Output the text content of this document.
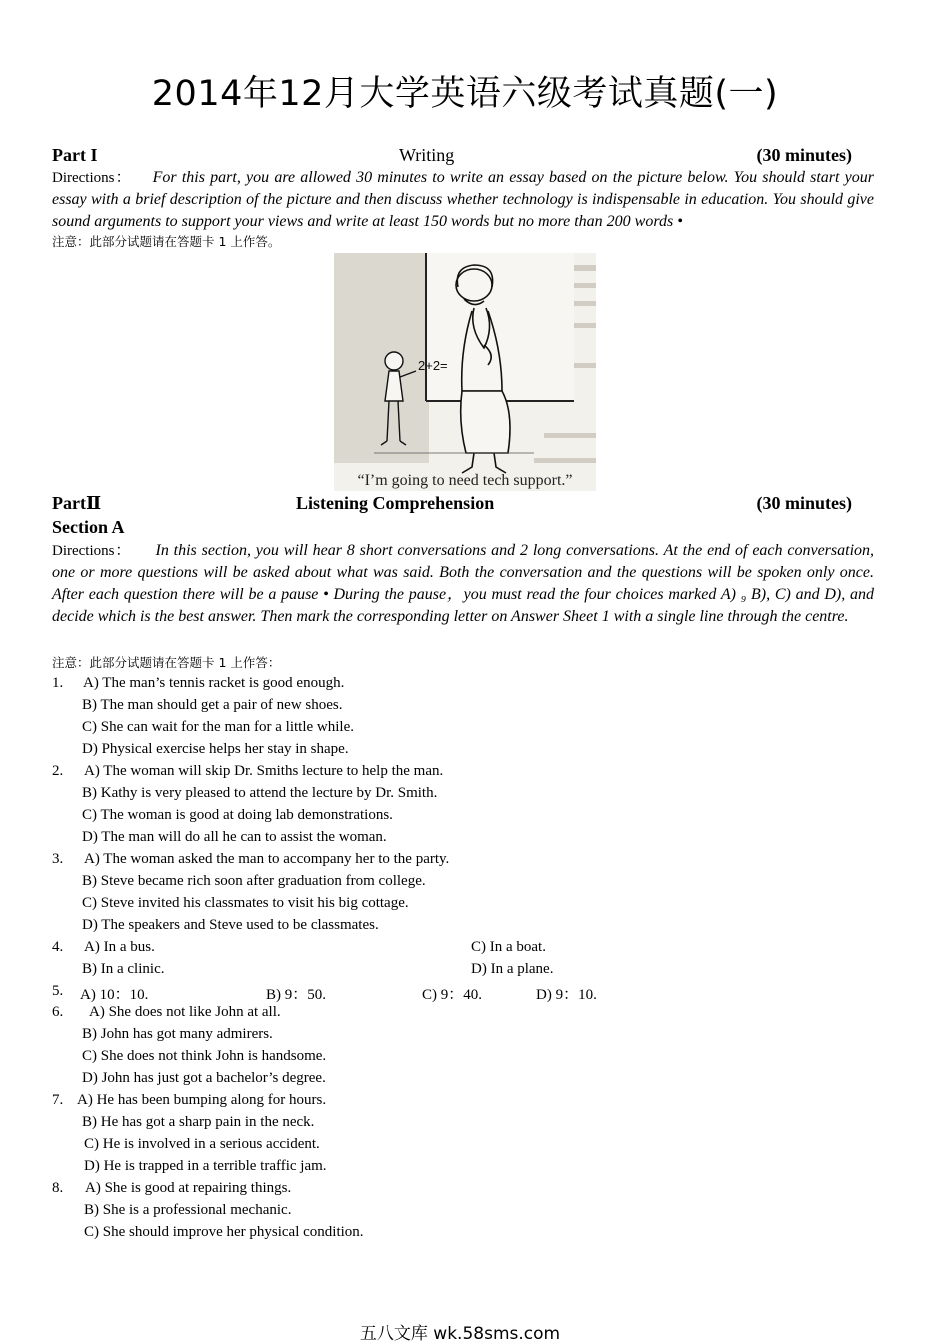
2014年12月大学英语六级考试真题(一)
Part I	Writing	(30 minutes)
Directions： For this part, you are allowed 30 minutes to write an essay based on the picture below. You should start your essay with a brief description of the picture and then discuss whether technology is indispensable in education. You should give sound arguments to support your views and write at least 150 words but no more than 200 words •
注意：此部分试题请在答题卡 1 上作答。
2+2=
“I’m going to need tech support.”
PartⅡ	Listening Comprehension	(30 minutes)
Section A
Directions： In this section, you will hear 8 short conversations and 2 long conversations. At the end of each conversation, one or more questions will be asked about what was said. Both the conversation and the questions will be spoken only once. After each question there will be a pause • During the pause，you must read the four choices marked A) ₉ B), C) and D), and decide which is the best answer. Then mark the corresponding letter on Answer Sheet 1 with a single line through the centre.
注意：此部分试题请在答题卡 1 上作答：
1. A) The man’s tennis racket is good enough.
B) The man should get a pair of new shoes.
C) She can wait for the man for a little while.
D) Physical exercise helps her stay in shape.
2. A) The woman will skip Dr. Smiths lecture to help the man.
B) Kathy is very pleased to attend the lecture by Dr. Smith.
C) The woman is good at doing lab demonstrations.
D) The man will do all he can to assist the woman.
3. A) The woman asked the man to accompany her to the party.
B) Steve became rich soon after graduation from college.
C) Steve invited his classmates to visit his big cottage.
D) The speakers and Steve used to be classmates.
4. A) In a bus.	C) In a boat.
B) In a clinic.	D) In a plane.
5. A) 10：10.	B) 9：50.	C) 9：40.	D) 9：10.
6. A) She does not like John at all.
B) John has got many admirers.
C) She does not think John is handsome.
D) John has just got a bachelor’s degree.
7. A) He has been bumping along for hours.
B) He has got a sharp pain in the neck.
C) He is involved in a serious accident.
D) He is trapped in a terrible traffic jam.
8. A) She is good at repairing things.
B) She is a professional mechanic.
C) She should improve her physical condition.
五八文库 wk.58sms.com
